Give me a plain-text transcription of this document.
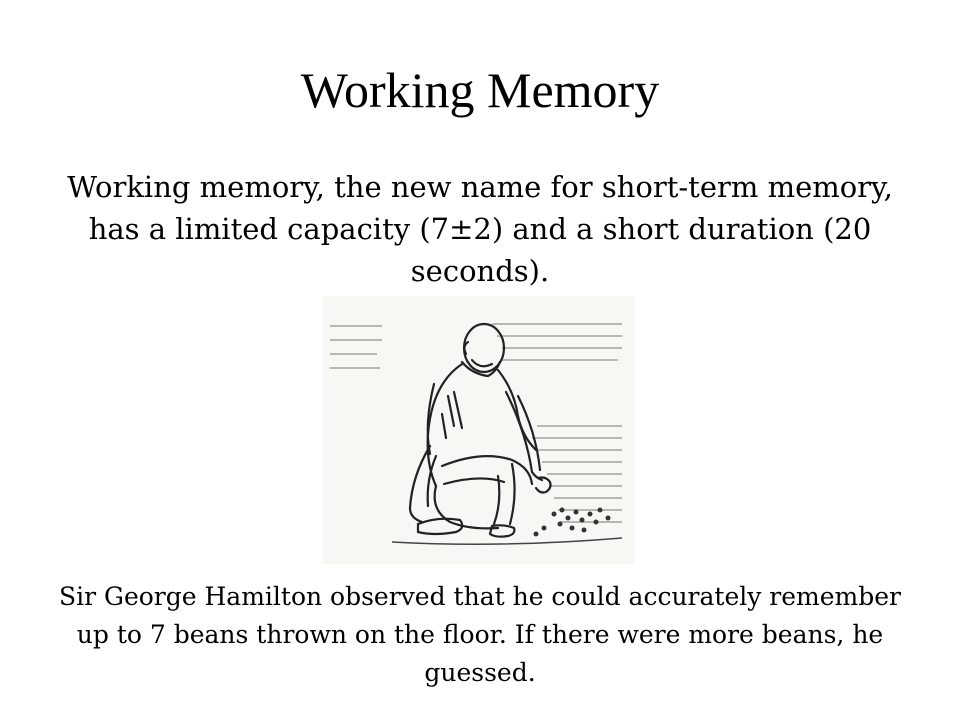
Working Memory

Working memory, the new name for short-term memory, has a limited capacity (7±2) and a short duration (20 seconds).

Sir George Hamilton observed that he could accurately remember up to 7 beans thrown on the floor. If there were more beans, he guessed.
